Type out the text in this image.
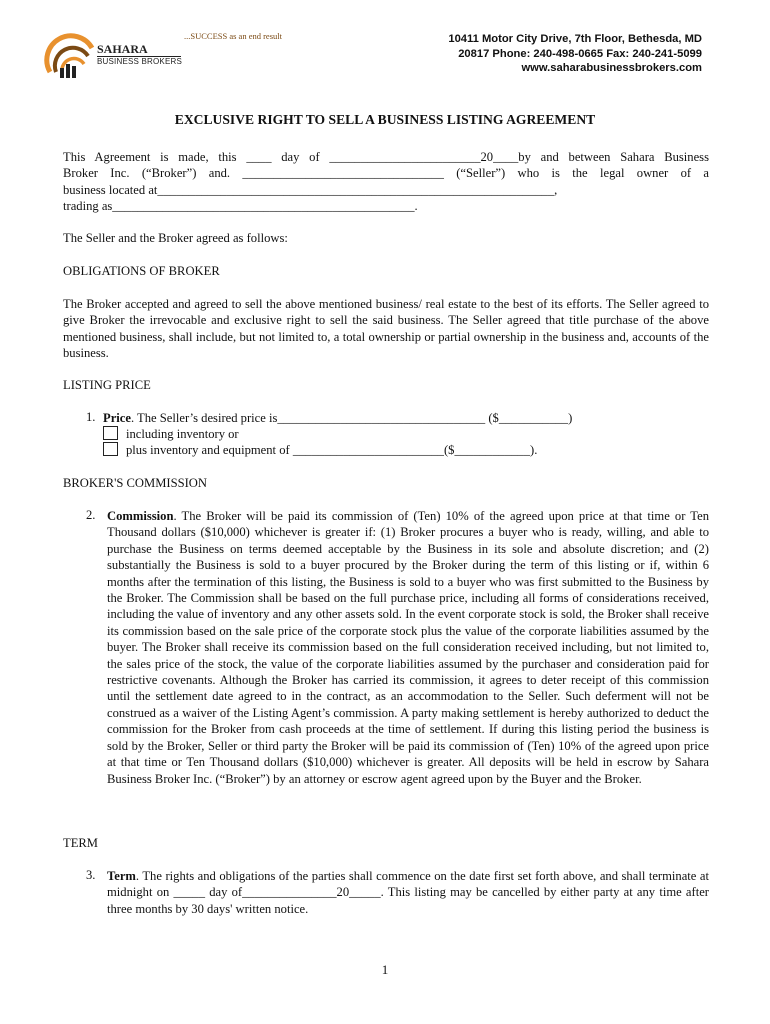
...SUCCESS as an end result
SAHARA
BUSINESS BROKERS
10411 Motor City Drive, 7th Floor, Bethesda, MD
20817 Phone: 240-498-0665 Fax: 240-241-5099
www.saharabusinessbrokers.com
EXCLUSIVE RIGHT TO SELL A BUSINESS LISTING AGREEMENT
This Agreement is made, this ____ day of ________________________20____by and between Sahara Business
Broker Inc. (“Broker”) and. ________________________________ (“Seller”) who is the legal owner of a
business located at_______________________________________________________________,
trading as________________________________________________.
The Seller and the Broker agreed as follows:
OBLIGATIONS OF BROKER
The Broker accepted and agreed to sell the above mentioned business/ real estate to the best of its efforts. The Seller agreed to give Broker the irrevocable and exclusive right to sell the said business. The Seller agreed that title purchase of the above mentioned business, shall include, but not limited to, a total ownership or partial ownership in the business and, accounts of the business.
LISTING PRICE
1. Price. The Seller’s desired price is_________________________________ ($___________)
including inventory or
plus inventory and equipment of ________________________($____________).
BROKER'S COMMISSION
2. Commission. The Broker will be paid its commission of (Ten) 10% of the agreed upon price at that time or Ten Thousand dollars ($10,000) whichever is greater if: (1) Broker procures a buyer who is ready, willing, and able to purchase the Business on terms deemed acceptable by the Business in its sole and absolute discretion; and (2) substantially the Business is sold to a buyer procured by the Broker during the term of this listing or if, within 6 months after the termination of this listing, the Business is sold to a buyer who was first submitted to the Business by the Broker. The Commission shall be based on the full purchase price, including all forms of considerations received, including the value of inventory and any other assets sold. In the event corporate stock is sold, the Broker shall receive its commission based on the sale price of the corporate stock plus the value of the corporate liabilities assumed by the buyer. The Broker shall receive its commission based on the full consideration received including, but not limited to, the sales price of the stock, the value of the corporate liabilities assumed by the purchaser and consideration paid for restrictive covenants. Although the Broker has carried its commission, it agrees to deter receipt of this commission until the settlement date agreed to in the contract, as an accommodation to the Seller. Such deferment will not be construed as a waiver of the Listing Agent’s commission. A party making settlement is hereby authorized to deduct the commission for the Broker from cash proceeds at the time of settlement. If during this listing period the business is sold by the Broker, Seller or third party the Broker will be paid its commission of (Ten) 10% of the agreed upon price at that time or Ten Thousand dollars ($10,000) whichever is greater. All deposits will be held in escrow by Sahara Business Broker Inc. (“Broker”) by an attorney or escrow agent agreed upon by the Buyer and the Broker.
TERM
3. Term. The rights and obligations of the parties shall commence on the date first set forth above, and shall terminate at midnight on _____ day of_______________20_____. This listing may be cancelled by either party at any time after three months by 30 days' written notice.
1
